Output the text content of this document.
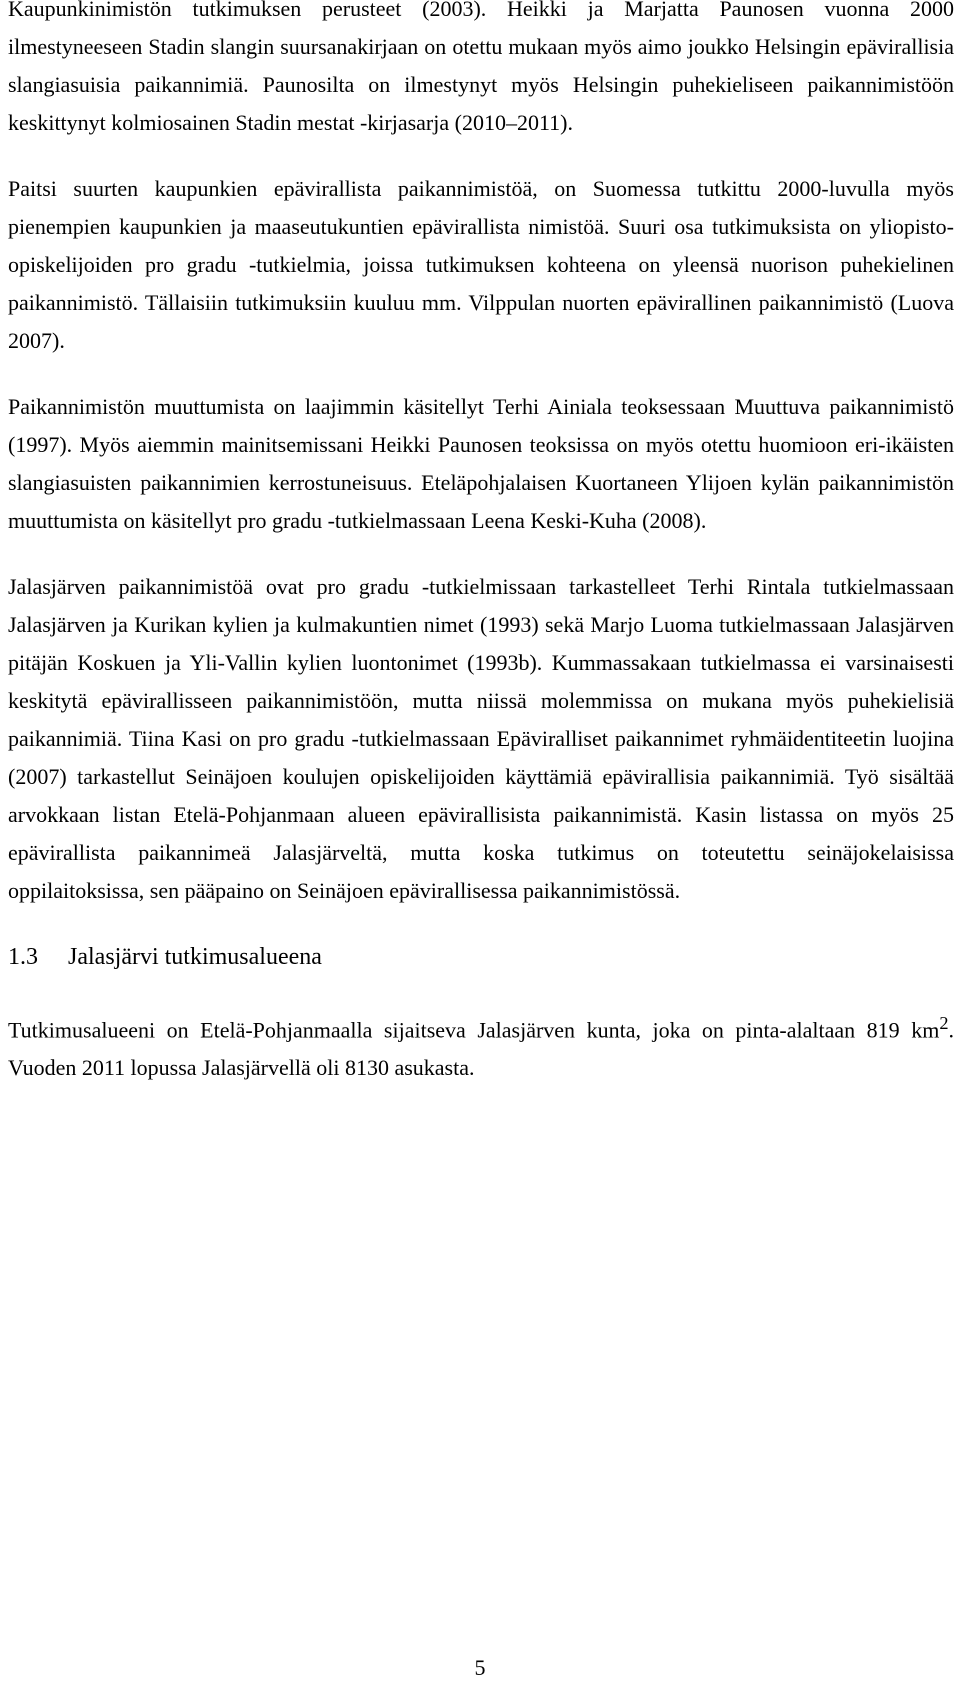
Kaupunkinimistön tutkimuksen perusteet (2003). Heikki ja Marjatta Paunosen vuonna 2000 ilmestyneeseen Stadin slangin suursanakirjaan on otettu mukaan myös aimo joukko Helsingin epävirallisia slangiasuisia paikannimiä. Paunosilta on ilmestynyt myös Helsingin puhekieliseen paikannimistöön keskittynyt kolmiosainen Stadin mestat -kirjasarja (2010–2011).

Paitsi suurten kaupunkien epävirallista paikannimistöä, on Suomessa tutkittu 2000-luvulla myös pienempien kaupunkien ja maaseutukuntien epävirallista nimistöä. Suuri osa tutkimuksista on yliopisto-opiskelijoiden pro gradu -tutkielmia, joissa tutkimuksen kohteena on yleensä nuorison puhekielinen paikannimistö. Tällaisiin tutkimuksiin kuuluu mm. Vilppulan nuorten epävirallinen paikannimistö (Luova 2007).

Paikannimistön muuttumista on laajimmin käsitellyt Terhi Ainiala teoksessaan Muuttuva paikannimistö (1997). Myös aiemmin mainitsemissani Heikki Paunosen teoksissa on myös otettu huomioon eri-ikäisten slangiasuisten paikannimien kerrostuneisuus. Eteläpohjalaisen Kuortaneen Ylijoen kylän paikannimistön muuttumista on käsitellyt pro gradu -tutkielmassaan Leena Keski-Kuha (2008).

Jalasjärven paikannimistöä ovat pro gradu -tutkielmissaan tarkastelleet Terhi Rintala tutkielmassaan Jalasjärven ja Kurikan kylien ja kulmakuntien nimet (1993) sekä Marjo Luoma tutkielmassaan Jalasjärven pitäjän Koskuen ja Yli-Vallin kylien luontonimet (1993b). Kummassakaan tutkielmassa ei varsinaisesti keskitytä epävirallisseen paikannimistöön, mutta niissä molemmissa on mukana myös puhekielisiä paikannimiä. Tiina Kasi on pro gradu -tutkielmassaan Epäviralliset paikannimet ryhmäidentiteetin luojina (2007) tarkastellut Seinäjoen koulujen opiskelijoiden käyttämiä epävirallisia paikannimiä. Työ sisältää arvokkaan listan Etelä-Pohjanmaan alueen epävirallisista paikannimistä. Kasin listassa on myös 25 epävirallista paikannimeä Jalasjärveltä, mutta koska tutkimus on toteutettu seinäjokelaisissa oppilaitoksissa, sen pääpaino on Seinäjoen epävirallisessa paikannimistössä.

1.3	Jalasjärvi tutkimusalueena

Tutkimusalueeni on Etelä-Pohjanmaalla sijaitseva Jalasjärven kunta, joka on pinta-alaltaan 819 $km^2$. Vuoden 2011 lopussa Jalasjärvellä oli 8130 asukasta.

5
